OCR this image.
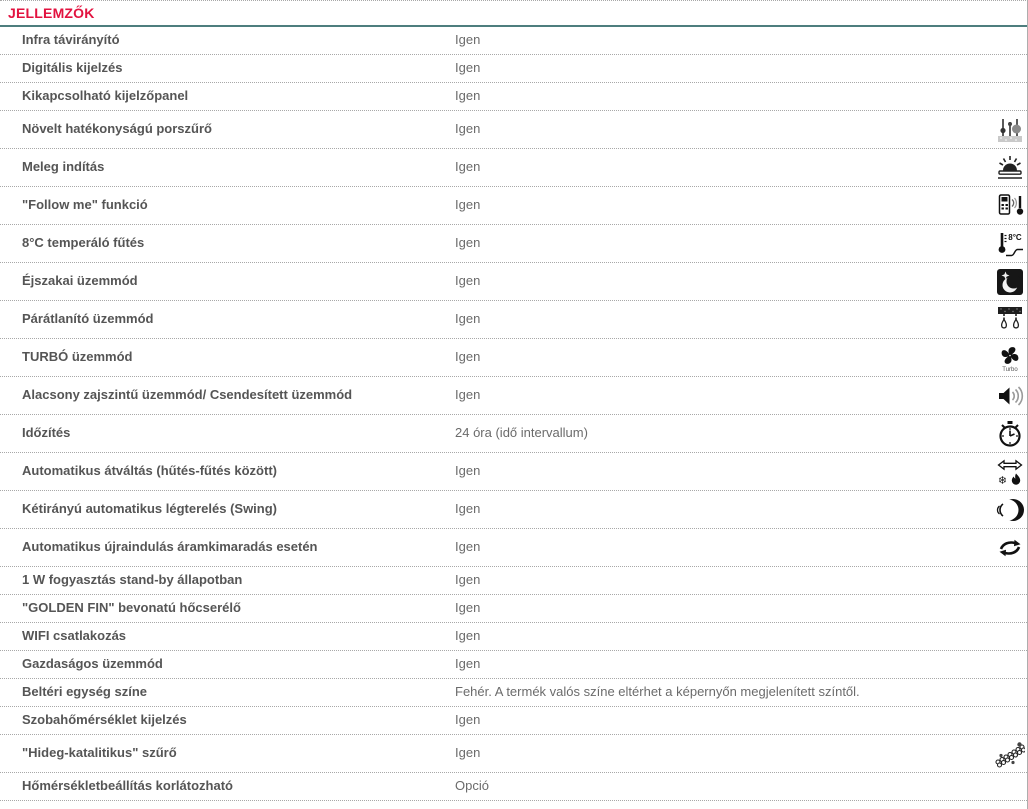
JELLEMZŐK
Infra távirányító	Igen
Digitális kijelzés	Igen
Kikapcsolható kijelzőpanel	Igen
Növelt hatékonyságú porszűrő	Igen
Meleg indítás	Igen
"Follow me" funkció	Igen
8°C temperáló fűtés	Igen	8°C
Éjszakai üzemmód	Igen
Párátlanító üzemmód	Igen
TURBÓ üzemmód	Igen
Turbo
Alacsony zajszintű üzemmód/ Csendesített üzemmód	Igen
Időzítés	24 óra (idő intervallum)
Automatikus átváltás (hűtés-fűtés között)	Igen
❄
Kétirányú automatikus légterelés (Swing)	Igen
Automatikus újraindulás áramkimaradás esetén	Igen
1 W fogyasztás stand-by állapotban	Igen
"GOLDEN FIN" bevonatú hőcserélő	Igen
WIFI csatlakozás	Igen
Gazdaságos üzemmód	Igen
Beltéri egység színe	Fehér. A termék valós színe eltérhet a képernyőn megjelenített színtől.
Szobahőmérséklet kijelzés	Igen
"Hideg-katalitikus" szűrő	Igen
Hőmérsékletbeállítás korlátozható	Opció
